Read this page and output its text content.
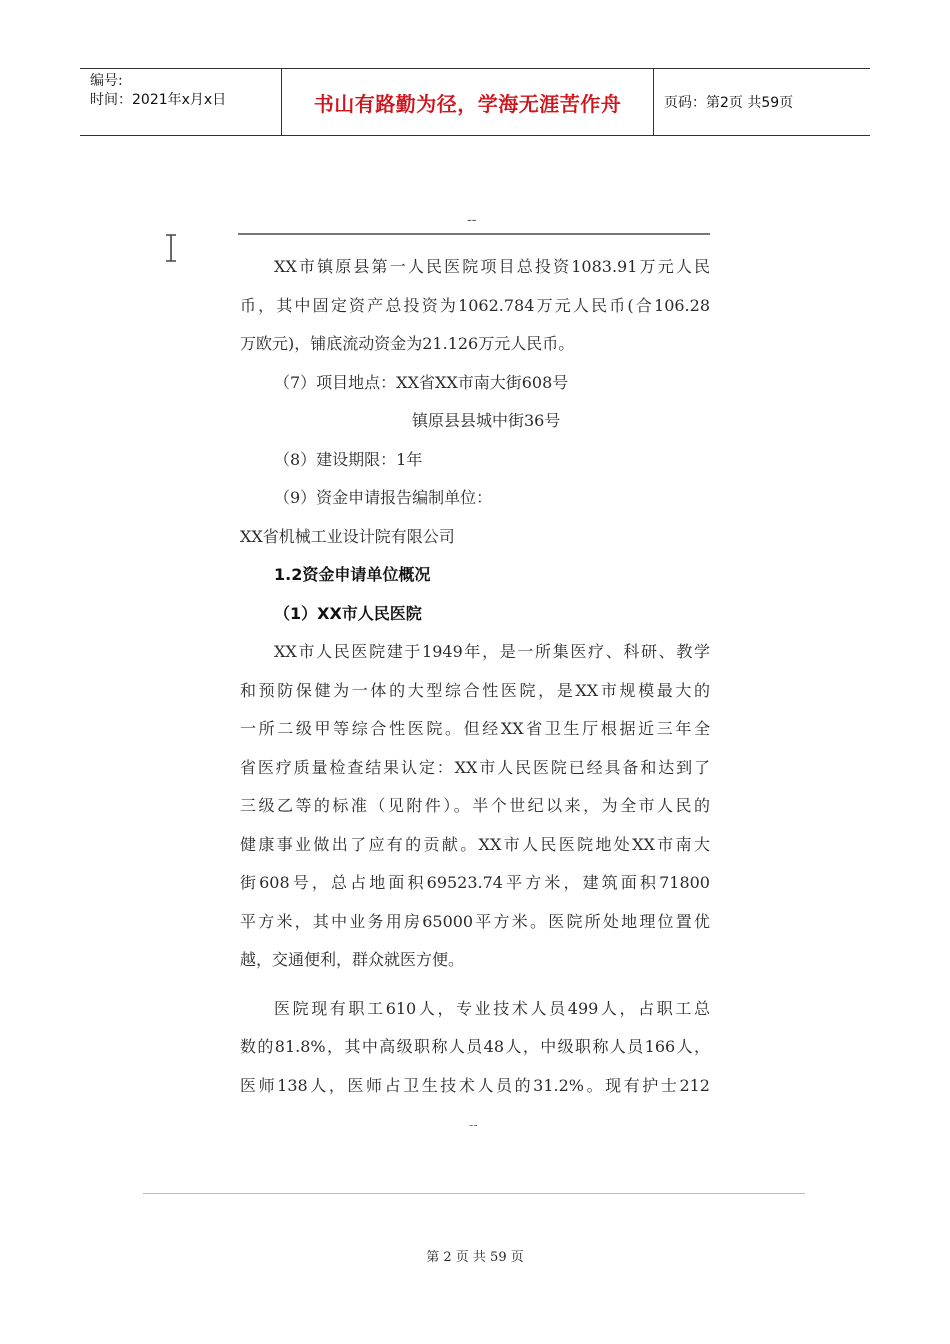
编号:
时间：2021年x月x日	书山有路勤为径，学海无涯苦作舟	页码：第2页 共59页
--
XX市镇原县第一人民医院项目总投资1083.91万元人民
币，其中固定资产总投资为1062.784万元人民币(合106.28
万欧元)，铺底流动资金为21.126万元人民币。
（7）项目地点：XX省XX市南大街608号
镇原县县城中街36号
（8）建设期限：1年
（9）资金申请报告编制单位：
XX省机械工业设计院有限公司
1.2资金申请单位概况
（1）XX市人民医院
XX市人民医院建于1949年，是一所集医疗、科研、教学
和预防保健为一体的大型综合性医院，是XX市规模最大的
一所二级甲等综合性医院。但经XX省卫生厅根据近三年全
省医疗质量检查结果认定：XX市人民医院已经具备和达到了
三级乙等的标准（见附件）。半个世纪以来，为全市人民的
健康事业做出了应有的贡献。XX市人民医院地处XX市南大
街608号，总占地面积69523.74平方米，建筑面积71800
平方米，其中业务用房65000平方米。医院所处地理位置优
越，交通便利，群众就医方便。
医院现有职工610人，专业技术人员499人，占职工总
数的81.8%，其中高级职称人员48人，中级职称人员166人，
医师138人，医师占卫生技术人员的31.2%。现有护士212
--
第 2 页 共 59 页
